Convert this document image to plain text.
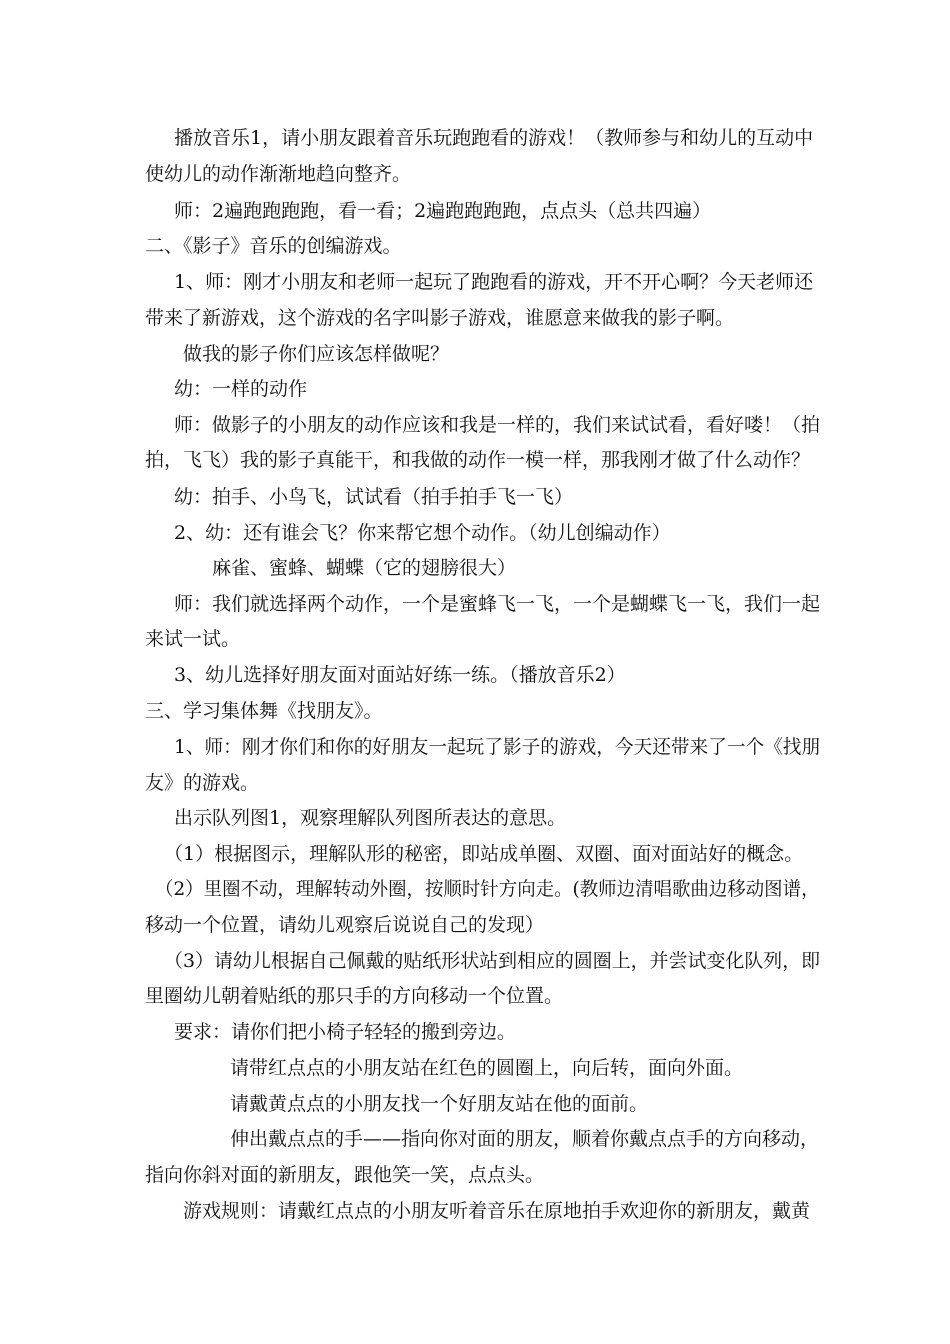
播放音乐1，请小朋友跟着音乐玩跑跑看的游戏！（教师参与和幼儿的互动中

使幼儿的动作渐渐地趋向整齐。

师：2遍跑跑跑跑，看一看；2遍跑跑跑跑，点点头（总共四遍）

二、《影子》音乐的创编游戏。

1、师：刚才小朋友和老师一起玩了跑跑看的游戏，开不开心啊？今天老师还

带来了新游戏，这个游戏的名字叫影子游戏，谁愿意来做我的影子啊。

做我的影子你们应该怎样做呢？

幼：一样的动作

师：做影子的小朋友的动作应该和我是一样的，我们来试试看，看好喽！（拍

拍，飞飞）我的影子真能干，和我做的动作一模一样，那我刚才做了什么动作？

幼：拍手、小鸟飞，试试看（拍手拍手飞一飞）

2、幼：还有谁会飞？你来帮它想个动作。（幼儿创编动作）

麻雀、蜜蜂、蝴蝶（它的翅膀很大）

师：我们就选择两个动作，一个是蜜蜂飞一飞，一个是蝴蝶飞一飞，我们一起

来试一试。

3、幼儿选择好朋友面对面站好练一练。（播放音乐2）

三、学习集体舞《找朋友》。

1、师：刚才你们和你的好朋友一起玩了影子的游戏，今天还带来了一个《找朋

友》的游戏。

出示队列图1，观察理解队列图所表达的意思。

（1）根据图示，理解队形的秘密，即站成单圈、双圈、面对面站好的概念。

（2）里圈不动，理解转动外圈，按顺时针方向走。(教师边清唱歌曲边移动图谱，

移动一个位置，请幼儿观察后说说自己的发现）

（3）请幼儿根据自己佩戴的贴纸形状站到相应的圆圈上，并尝试变化队列，即

里圈幼儿朝着贴纸的那只手的方向移动一个位置。

要求：请你们把小椅子轻轻的搬到旁边。

请带红点点的小朋友站在红色的圆圈上，向后转，面向外面。

请戴黄点点的小朋友找一个好朋友站在他的面前。

伸出戴点点的手——指向你对面的朋友，顺着你戴点点手的方向移动，

指向你斜对面的新朋友，跟他笑一笑，点点头。

游戏规则：请戴红点点的小朋友听着音乐在原地拍手欢迎你的新朋友，戴黄
